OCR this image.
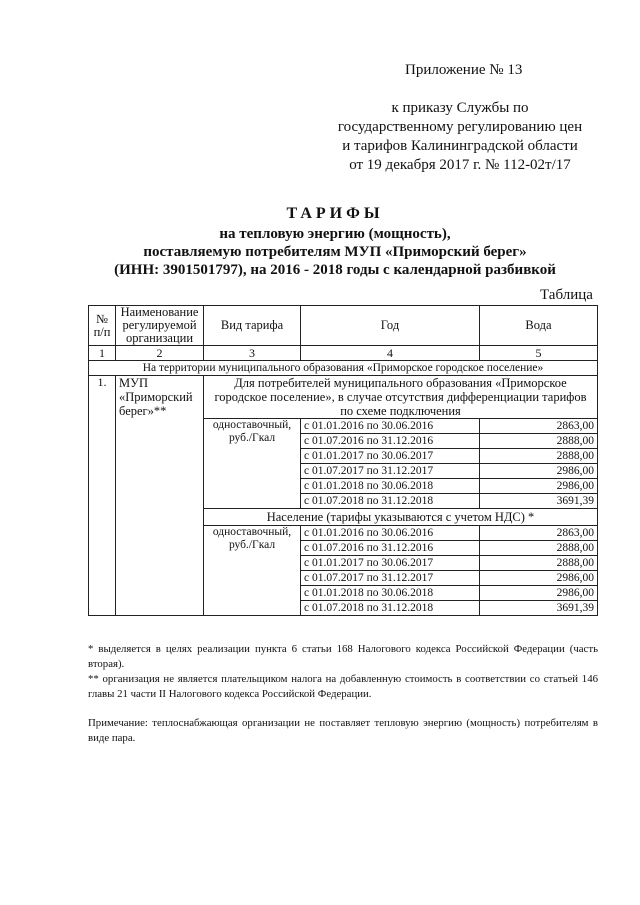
Приложение № 13
к приказу Службы по
государственному регулированию цен
и тарифов Калининградской области
от 19 декабря 2017 г. № 112-02т/17
ТАРИФЫ
на тепловую энергию (мощность),
поставляемую потребителям МУП «Приморский берег»
(ИНН: 3901501797), на 2016 - 2018 годы с календарной разбивкой
Таблица
№ п/п	Наименование регулируемой организации	Вид тарифа	Год	Вода
1	2	3	4	5
На территории муниципального образования «Приморское городское поселение»				
1.	МУП «Приморский берег»**	Для потребителей муниципального образования «Приморское городское поселение», в случае отсутствия дифференциации тарифов по схеме подключения		
		одноставочный, руб./Гкал	с 01.01.2016 по 30.06.2016	2863,00
			с 01.07.2016 по 31.12.2016	2888,00
			с 01.01.2017 по 30.06.2017	2888,00
			с 01.07.2017 по 31.12.2017	2986,00
			с 01.01.2018 по 30.06.2018	2986,00
			с 01.07.2018 по 31.12.2018	3691,39
		Население (тарифы указываются с учетом НДС) *		
		одноставочный, руб./Гкал	с 01.01.2016 по 30.06.2016	2863,00
			с 01.07.2016 по 31.12.2016	2888,00
			с 01.01.2017 по 30.06.2017	2888,00
			с 01.07.2017 по 31.12.2017	2986,00
			с 01.01.2018 по 30.06.2018	2986,00
			с 01.07.2018 по 31.12.2018	3691,39

* выделяется в целях реализации пункта 6 статьи 168 Налогового кодекса Российской Федерации (часть вторая).

** организация не является плательщиком налога на добавленную стоимость в соответствии со статьей 146 главы 21 части II Налогового кодекса Российской Федерации.

Примечание: теплоснабжающая организации не поставляет тепловую энергию (мощность) потребителям в виде пара.
